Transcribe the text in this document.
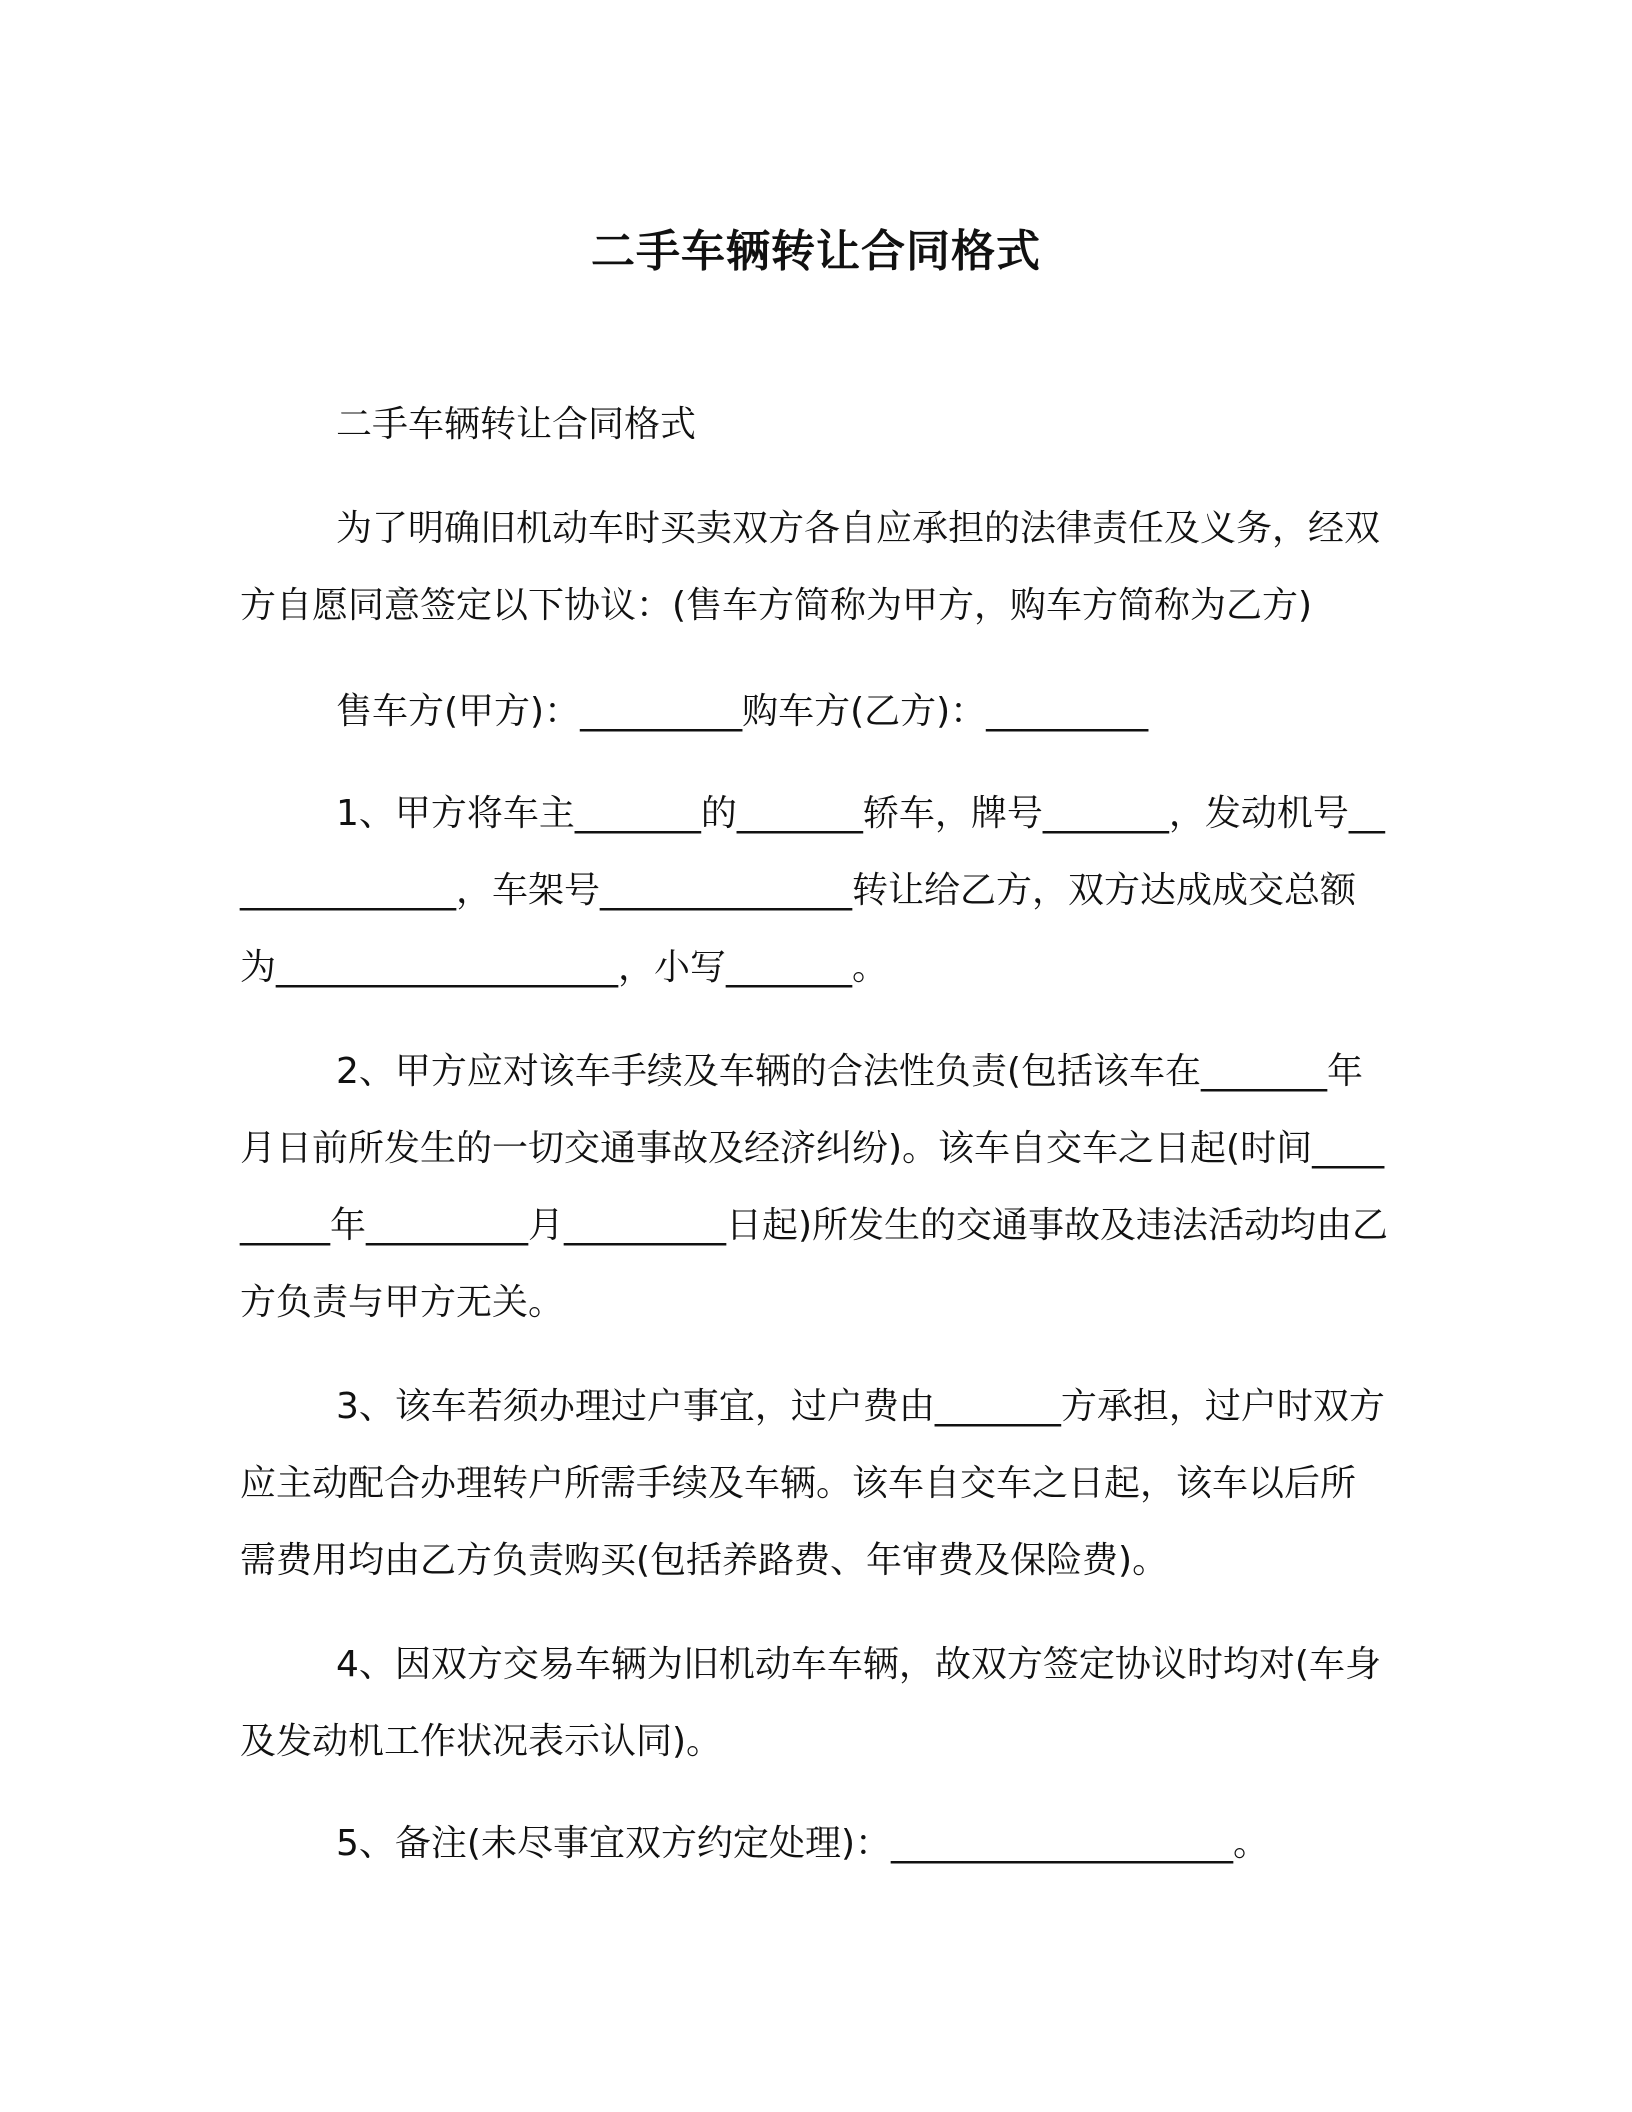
二手车辆转让合同格式

二手车辆转让合同格式

为了明确旧机动车时买卖双方各自应承担的法律责任及义务，经双方自愿同意签定以下协议：(售车方简称为甲方，购车方简称为乙方)

售车方(甲方)：_________购车方(乙方)：_________

1、甲方将车主_______的_______轿车，牌号_______，发动机号______________，车架号______________转让给乙方，双方达成成交总额为___________________，小写_______。

2、甲方应对该车手续及车辆的合法性负责(包括该车在_______年月日前所发生的一切交通事故及经济纠纷)。该车自交车之日起(时间_________年_________月_________日起)所发生的交通事故及违法活动均由乙方负责与甲方无关。

3、该车若须办理过户事宜，过户费由_______方承担，过户时双方应主动配合办理转户所需手续及车辆。该车自交车之日起，该车以后所需费用均由乙方负责购买(包括养路费、年审费及保险费)。

4、因双方交易车辆为旧机动车车辆，故双方签定协议时均对(车身及发动机工作状况表示认同)。

5、备注(未尽事宜双方约定处理)：___________________。
